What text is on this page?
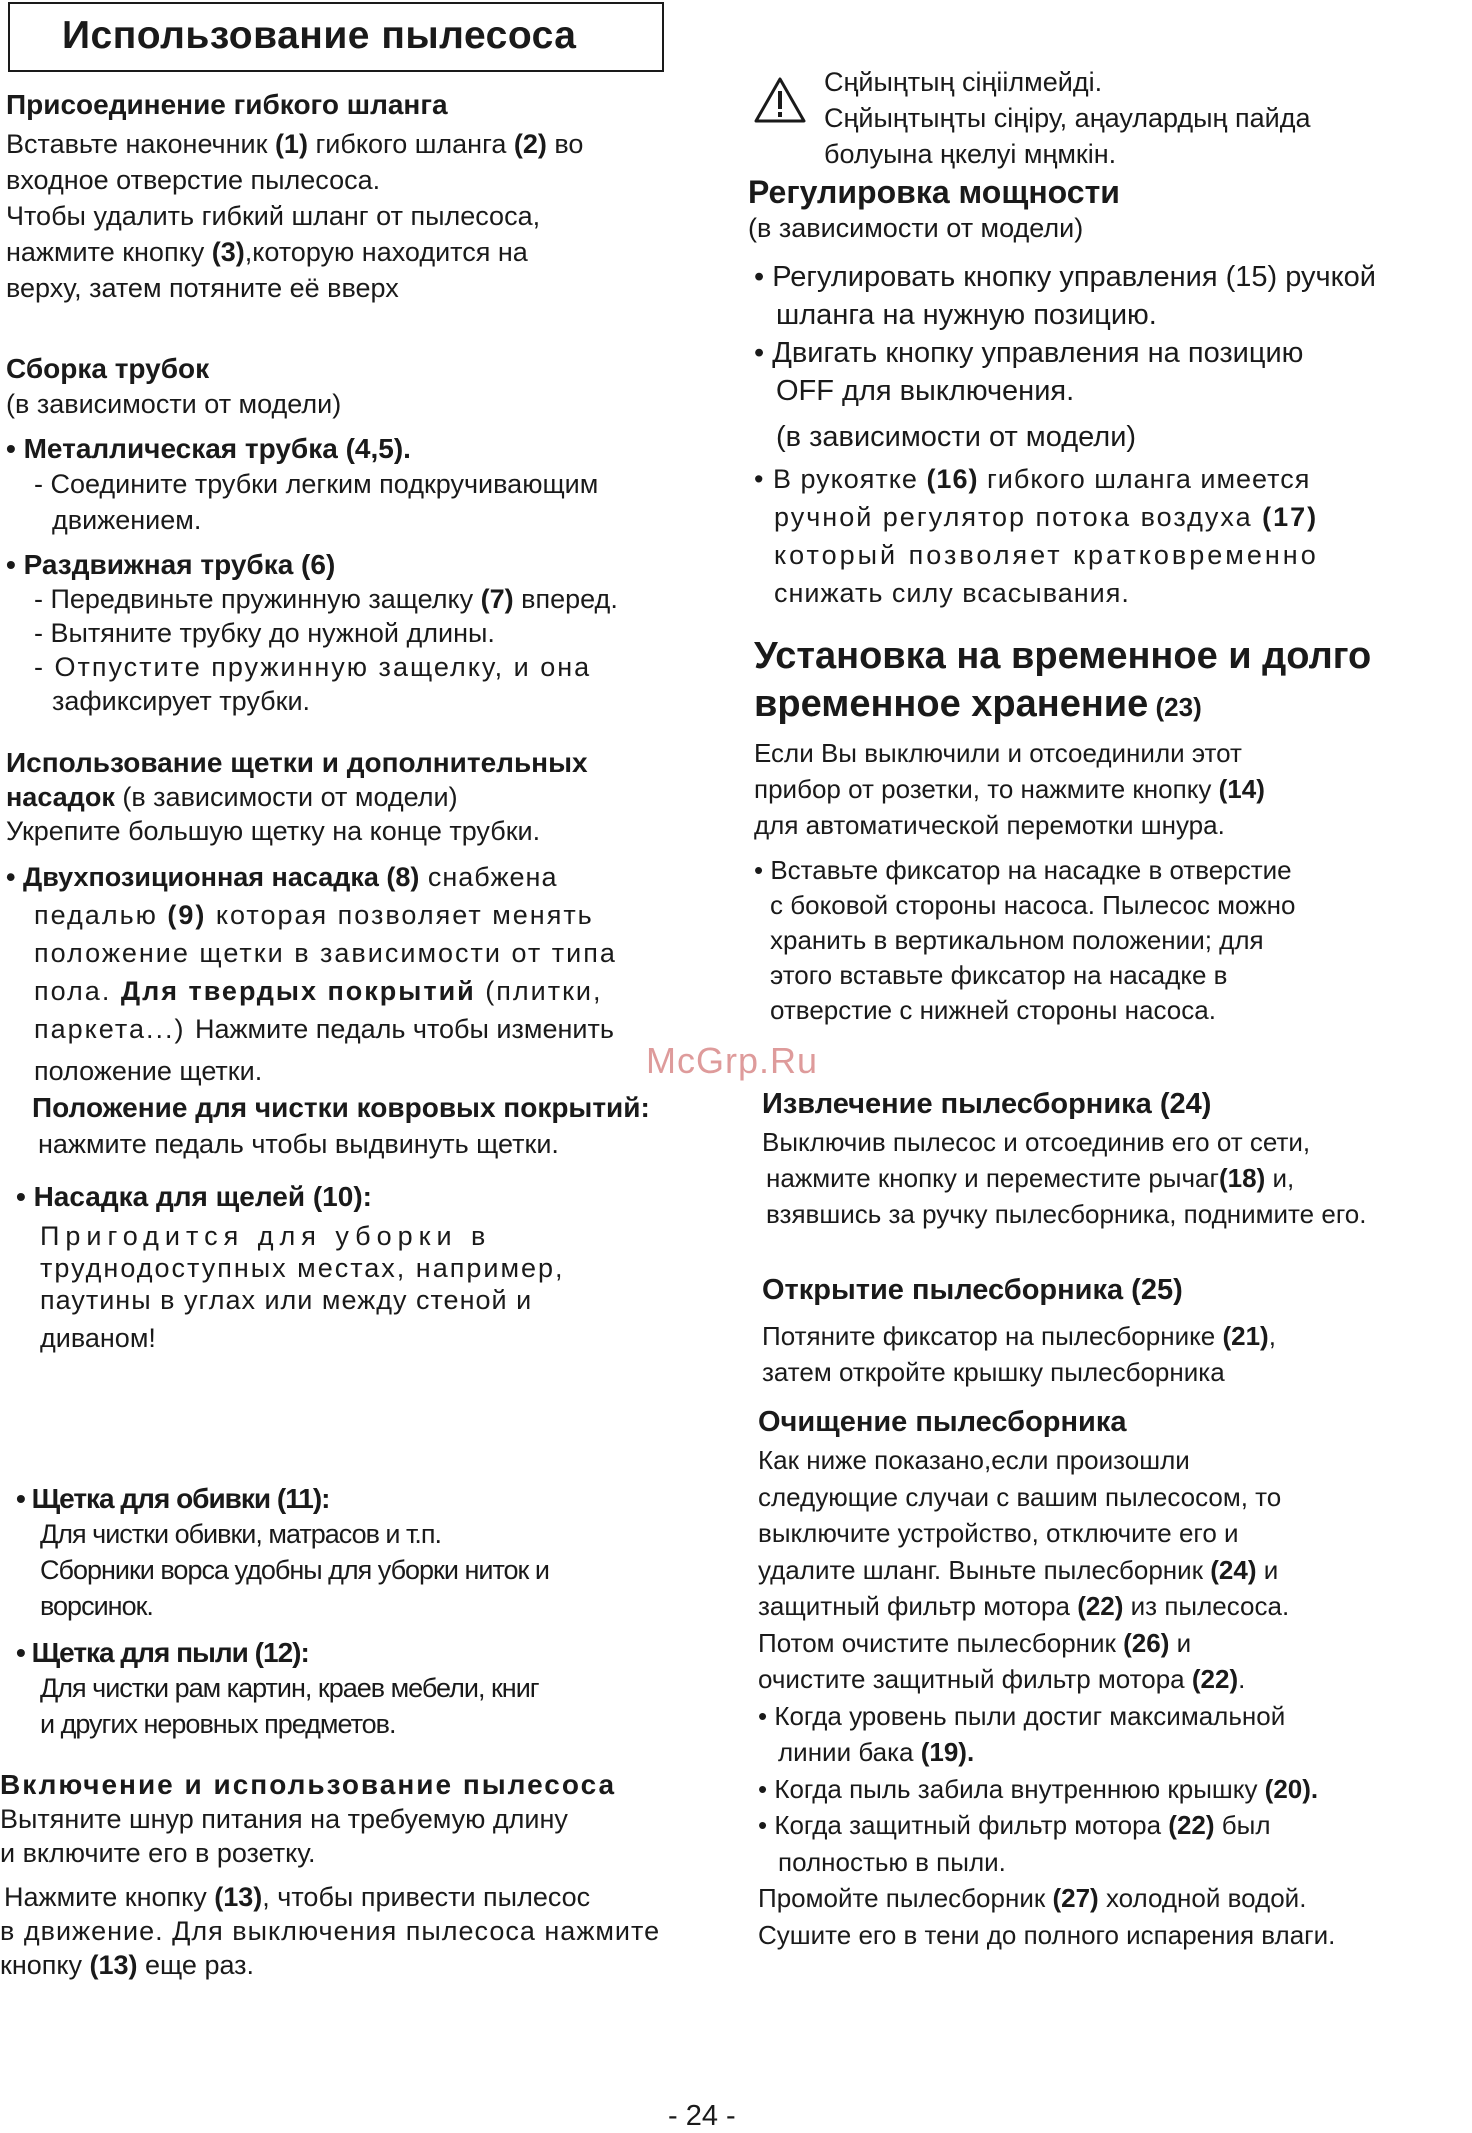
Использование пылесоса
Присоединение гибкого шланга
Вставьте наконечник (1) гибкого шланга (2) во
входное отверстие пылесоса.
Чтобы удалить гибкий шланг от пылесоса,
нажмите кнопку (3),которую находится на
верху, затем потяните её вверх
Сборка трубок
(в зависимости от модели)
• Металлическая трубка (4,5).
- Соедините трубки легким подкручивающим
движением.
• Раздвижная трубка (6)
- Передвиньте пружинную защелку (7) вперед.
- Вытяните трубку до нужной длины.
- Отпустите пружинную защелку, и она
зафиксирует трубки.
Использование щетки и дополнительных
насадок (в зависимости от модели)
Укрепите большую щетку на конце трубки.
• Двухпозиционная насадка (8) снабжена
педалью (9) которая позволяет менять
положение щетки в зависимости от типа
пола. Для твердых покрытий (плитки,
паркета...) Нажмите педаль чтобы изменить
положение щетки.
Положение для чистки ковровых покрытий:
нажмите педаль чтобы выдвинуть щетки.
• Насадка для щелей (10):
Пригодится для уборки в
труднодоступных местах, например,
паутины в углах или между стеной и
диваном!
• Щетка для обивки (11):
Для чистки обивки, матрасов и т.п.
Сборники ворса удобны для уборки ниток и
ворсинок.
• Щетка для пыли (12):
Для чистки рам картин, краев мебели, книг
и других неровных предметов.
Включение и использование пылесоса
Вытяните шнур питания на требуемую длину
и включите его в розетку.
Нажмите кнопку (13), чтобы привести пылесос
в движение. Для выключения пылесоса нажмите
кнопку (13) еще раз.
Сңйыңтың сіңіілмейді.
Сңйыңтыңты сіңіру, аңаулардың пайда
болуына ңкелуі мңмкін.
Регулировка мощности
(в зависимости от модели)
• Регулировать кнопку управления (15) ручкой
шланга на нужную позицию.
• Двигать кнопку управления на позицию
OFF для выключения.
(в зависимости от модели)
• В рукоятке (16) гибкого шланга имеется
ручной регулятор потока воздуха (17)
который позволяет кратковременно
снижать силу всасывания.
Установка на временное и долго
временное хранение (23)
Если Вы выключили и отсоединили этот
прибор от розетки, то нажмите кнопку (14)
для автоматической перемотки шнура.
• Вставьте фиксатор на насадке в отверстие
с боковой стороны насоса. Пылесос можно
хранить в вертикальном положении; для
этого вставьте фиксатор на насадке в
отверстие с нижней стороны насоса.
Извлечение пылесборника (24)
Выключив пылесос и отсоединив его от сети,
нажмите кнопку и переместите рычаг(18) и,
взявшись за ручку пылесборника, поднимите его.
Открытие пылесборника (25)
Потяните фиксатор на пылесборнике (21),
затем откройте крышку пылесборника
Очищение пылесборника
Как ниже показано,если произошли
следующие случаи с вашим пылесосом, то
выключите устройство, отключите его и
удалите шланг. Выньте пылесборник (24) и
защитный фильтр мотора (22) из пылесоса.
Потом очистите пылесборник (26) и
очистите защитный фильтр мотора (22).
• Когда уровень пыли достиг максимальной
линии бака (19).
• Когда пыль забила внутреннюю крышку (20).
• Когда защитный фильтр мотора (22) был
полностью в пыли.
Промойте пылесборник (27) холодной водой.
Сушите его в тени до полного испарения влаги.
McGrp.Ru
- 24 -
